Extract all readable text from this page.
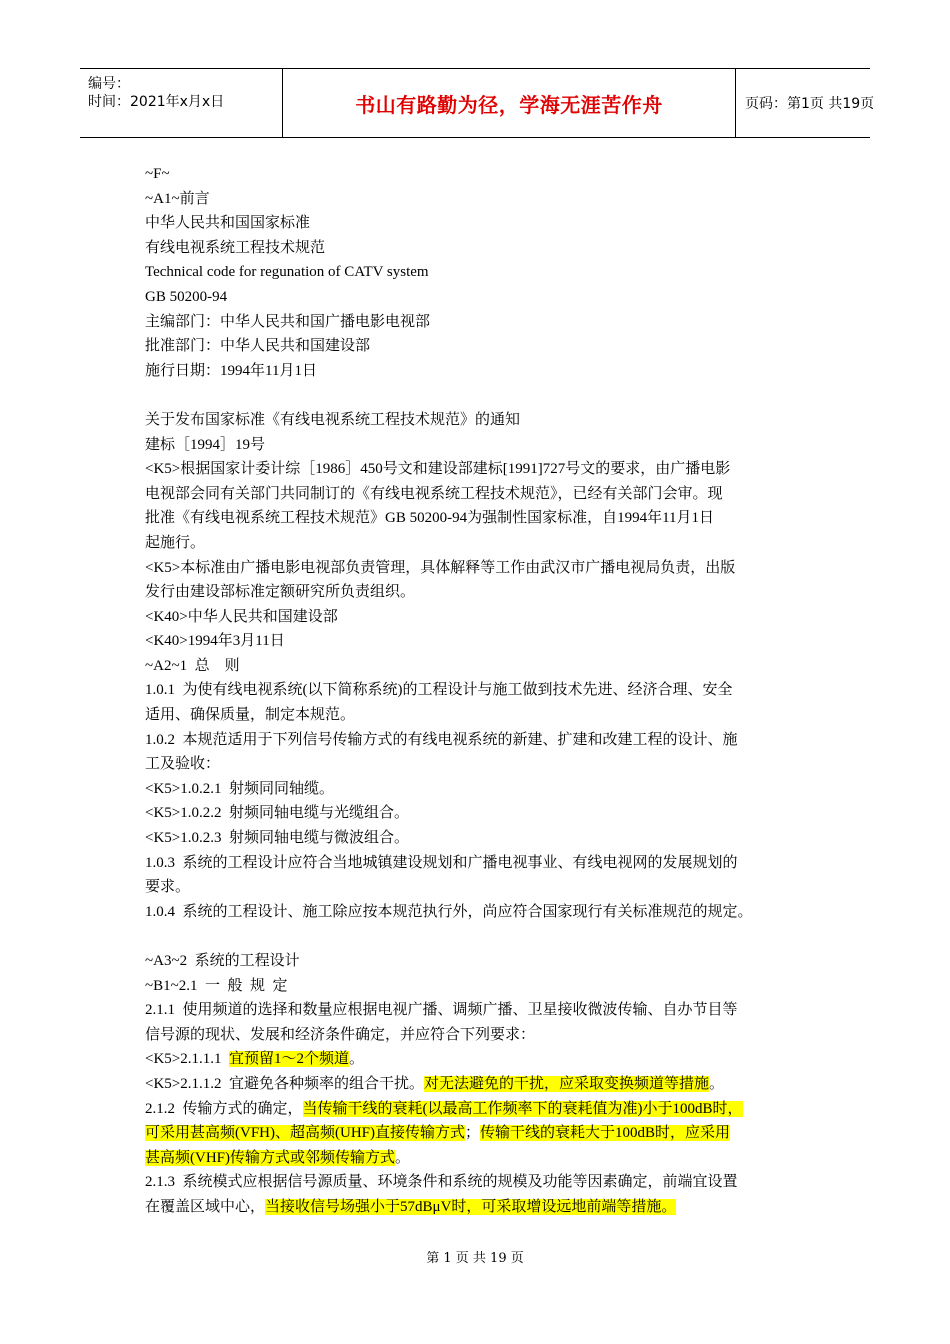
编号：
时间：2021年x月x日	书山有路勤为径，学海无涯苦作舟	页码：第1页 共19页

~F~

~A1~前言

中华人民共和国国家标准

有线电视系统工程技术规范

Technical code for regunation of CATV system

GB 50200-94

主编部门：中华人民共和国广播电影电视部

批准部门：中华人民共和国建设部

施行日期：1994年11月1日

关于发布国家标准《有线电视系统工程技术规范》的通知

建标［1994］19号

<K5>根据国家计委计综［1986］450号文和建设部建标[1991]727号文的要求，由广播电影

电视部会同有关部门共同制订的《有线电视系统工程技术规范》，已经有关部门会审。现

批准《有线电视系统工程技术规范》GB 50200-94为强制性国家标准，自1994年11月1日

起施行。

<K5>本标准由广播电影电视部负责管理，具体解释等工作由武汉市广播电视局负责，出版

发行由建设部标准定额研究所负责组织。

<K40>中华人民共和国建设部

<K40>1994年3月11日

~A2~1  总    则

1.0.1  为使有线电视系统(以下简称系统)的工程设计与施工做到技术先进、经济合理、安全

适用、确保质量，制定本规范。

1.0.2  本规范适用于下列信号传输方式的有线电视系统的新建、扩建和改建工程的设计、施

工及验收：

<K5>1.0.2.1  射频同同轴缆。

<K5>1.0.2.2  射频同轴电缆与光缆组合。

<K5>1.0.2.3  射频同轴电缆与微波组合。

1.0.3  系统的工程设计应符合当地城镇建设规划和广播电视事业、有线电视网的发展规划的

要求。

1.0.4  系统的工程设计、施工除应按本规范执行外，尚应符合国家现行有关标准规范的规定。

~A3~2  系统的工程设计

~B1~2.1  一  般  规  定

2.1.1  使用频道的选择和数量应根据电视广播、调频广播、卫星接收微波传输、自办节目等

信号源的现状、发展和经济条件确定，并应符合下列要求：

<K5>2.1.1.1  宜预留1～2个频道。

<K5>2.1.1.2  宜避免各种频率的组合干扰。对无法避免的干扰，应采取变换频道等措施。

2.1.2  传输方式的确定，当传输干线的衰耗(以最高工作频率下的衰耗值为准)小于100dB时，

可采用甚高频(VFH)、超高频(UHF)直接传输方式；传输干线的衰耗大于100dB时，应采用

甚高频(VHF)传输方式或邻频传输方式。

2.1.3  系统模式应根据信号源质量、环境条件和系统的规模及功能等因素确定，前端宜设置

在覆盖区域中心，当接收信号场强小于57dBμV时，可采取增设远地前端等措施。

第 1 页 共 19 页
